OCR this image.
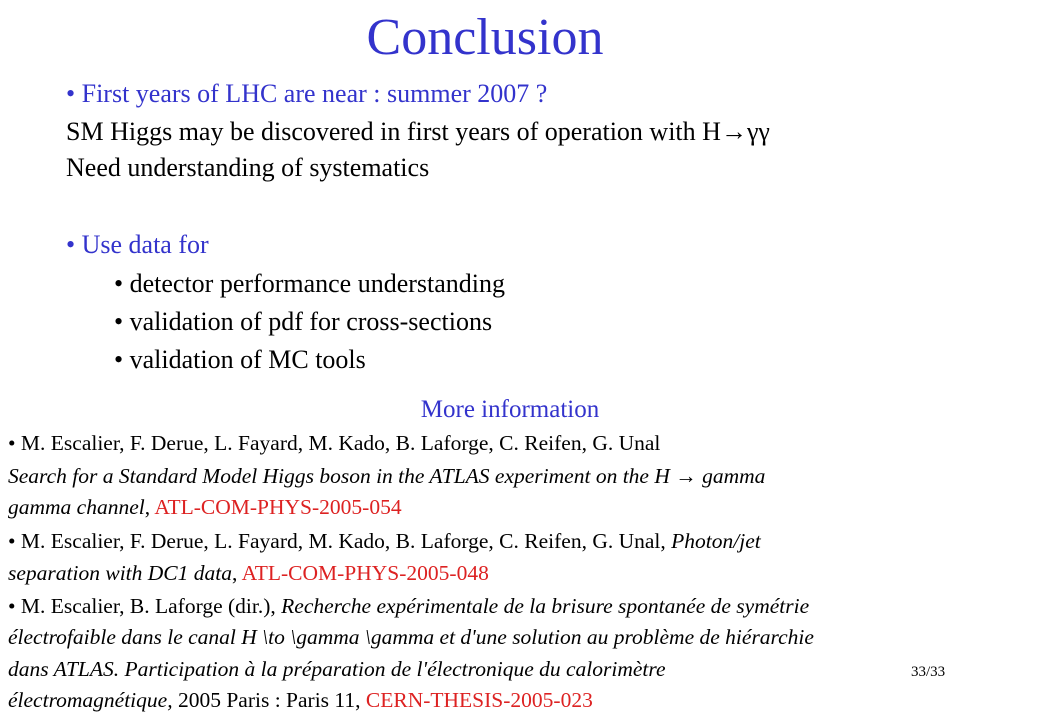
Conclusion
• First years of LHC are near : summer 2007 ?
SM Higgs may be discovered in first years of operation with H→γγ
Need understanding of systematics
• Use data for
• detector performance understanding
• validation of pdf for cross-sections
• validation of MC tools
More information
• M. Escalier, F. Derue, L. Fayard, M. Kado, B. Laforge, C. Reifen, G. Unal
Search for a Standard Model Higgs boson in the ATLAS experiment on the H → gamma
gamma channel, ATL-COM-PHYS-2005-054
• M. Escalier, F. Derue, L. Fayard, M. Kado, B. Laforge, C. Reifen, G. Unal, Photon/jet
separation with DC1 data, ATL-COM-PHYS-2005-048
• M. Escalier, B. Laforge (dir.), Recherche expérimentale de la brisure spontanée de symétrie
électrofaible dans le canal H \to \gamma \gamma et d'une solution au problème de hiérarchie
dans ATLAS. Participation à la préparation de l'électronique du calorimètre
électromagnétique, 2005 Paris : Paris 11, CERN-THESIS-2005-023
33/33
